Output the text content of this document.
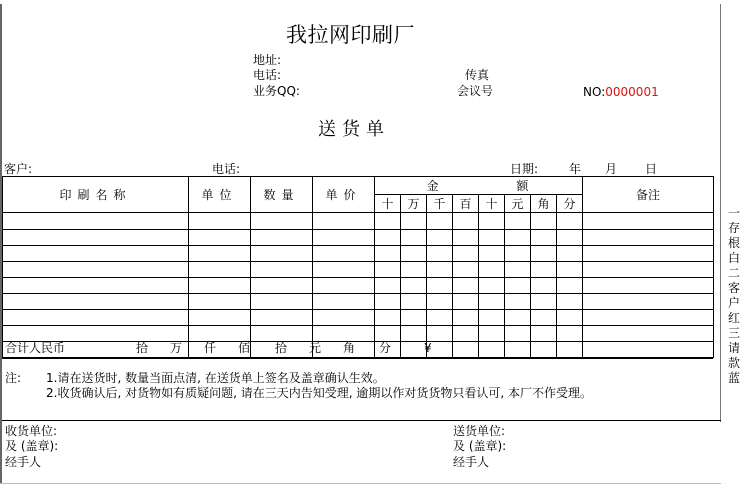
我拉网印刷厂
地址:
电话:
业务QQ:
传真
会议号	NO:0000001
送货单
客户:	电话:	日期:	年 月 日
印刷名称	单位	数量	单价	金 额								备注
				十	万	千	百	十	元	角	分	

合计人民币	拾 万 仟 佰 拾 元 角 分	¥
注: 1.请在送货时, 数量当面点清, 在送货单上签名及盖章确认生效。
2.收货确认后, 对货物如有质疑问题, 请在三天内告知受理, 逾期以作对货货物只看认可, 本厂不作受理。
收货单位:
及 (盖章):
经手人
送货单位:
及 (盖章):
经手人
一存根白二客户红三请款蓝
